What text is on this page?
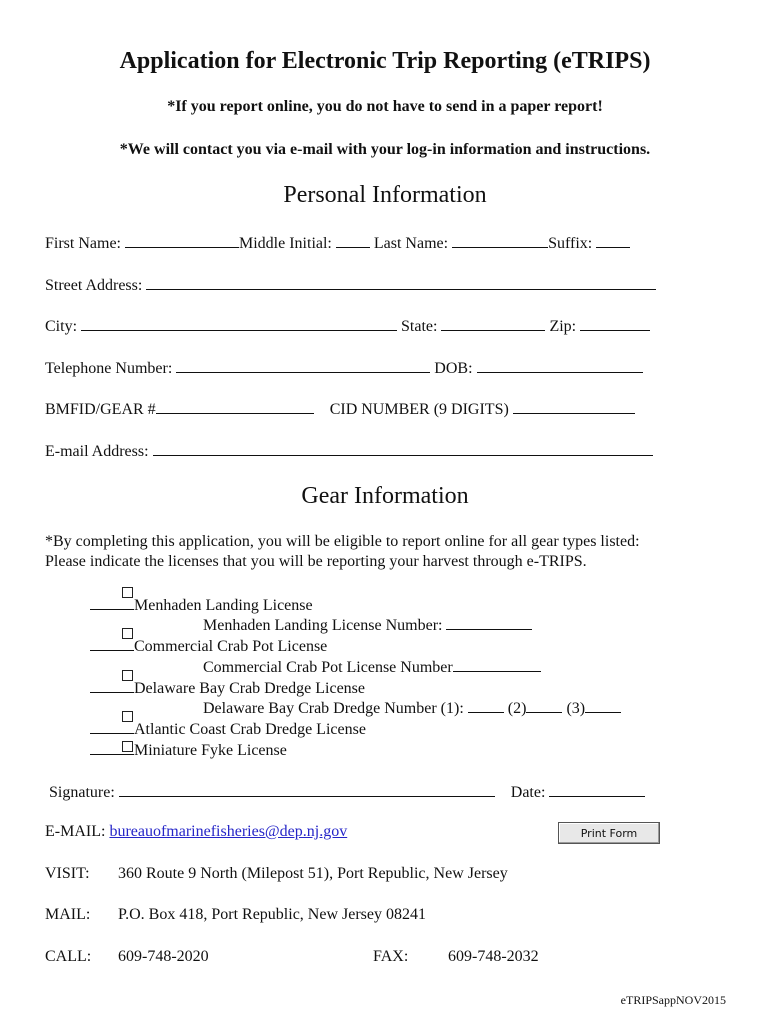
Application for Electronic Trip Reporting (eTRIPS)
*If you report online, you do not have to send in a paper report!
*We will contact you via e-mail with your log-in information and instructions.
Personal Information
First Name:	Middle Initial:	Last Name:	Suffix:
Street Address:
City:	State:	Zip:
Telephone Number:	DOB:
BMFID/GEAR #	CID NUMBER (9 DIGITS)
E-mail Address:
Gear Information
*By completing this application, you will be eligible to report online for all gear types listed:
Please indicate the licenses that you will be reporting your harvest through e-TRIPS.
Menhaden Landing License
Menhaden Landing License Number:
Commercial Crab Pot License
Commercial Crab Pot License Number
Delaware Bay Crab Dredge License
Delaware Bay Crab Dredge Number (1):	(2)	(3)
Atlantic Coast Crab Dredge License
Miniature Fyke License
Signature:	Date:
E-MAIL: bureauofmarinefisheries@dep.nj.gov	Print Form
VISIT: 360 Route 9 North (Milepost 51), Port Republic, New Jersey
MAIL: P.O. Box 418, Port Republic, New Jersey 08241
CALL: 609-748-2020	FAX: 609-748-2032
eTRIPSappNOV2015
